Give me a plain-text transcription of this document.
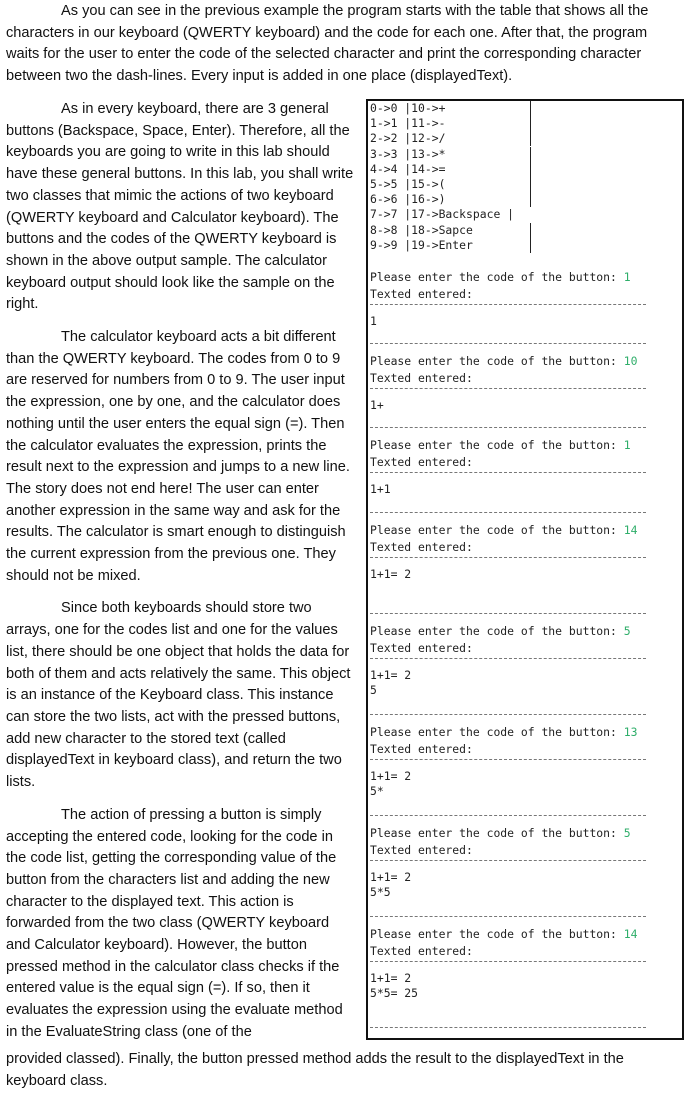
As you can see in the previous example the program starts with the table that shows all the characters in our keyboard (QWERTY keyboard) and the code for each one. After that, the program waits for the user to enter the code of the selected character and print the corresponding character between two the dash-lines. Every input is added in one place (displayedText).

As in every keyboard, there are 3 general buttons (Backspace, Space, Enter). Therefore, all the keyboards you are going to write in this lab should have these general buttons. In this lab, you shall write two classes that mimic the actions of two keyboard (QWERTY keyboard and Calculator keyboard). The buttons and the codes of the QWERTY keyboard is shown in the above output sample. The calculator keyboard output should look like the sample on the right.

The calculator keyboard acts a bit different than the QWERTY keyboard. The codes from 0 to 9 are reserved for numbers from 0 to 9. The user input the expression, one by one, and the calculator does nothing until the user enters the equal sign (=). Then the calculator evaluates the expression, prints the result next to the expression and jumps to a new line. The story does not end here! The user can enter another expression in the same way and ask for the results. The calculator is smart enough to distinguish the current expression from the previous one. They should not be mixed.

Since both keyboards should store two arrays, one for the codes list and one for the values list, there should be one object that holds the data for both of them and acts relatively the same. This object is an instance of the Keyboard class. This instance can store the two lists, act with the pressed buttons, add new character to the stored text (called displayedText in keyboard class), and return the two lists.

The action of pressing a button is simply accepting the entered code, looking for the code in the code list, getting the corresponding value of the button from the characters list and adding the new character to the displayed text. This action is forwarded from the two class (QWERTY keyboard and Calculator keyboard). However, the button pressed method in the calculator class checks if the entered value is the equal sign (=). If so, then it evaluates the expression using the evaluate method in the EvaluateString class (one of the

provided classed). Finally, the button pressed method adds the result to the displayedText in the keyboard class.

0->0 |10->+
1->1 |11->-
2->2 |12->/
3->3 |13->*
4->4 |14->=
5->5 |15->(
6->6 |16->)
7->7 |17->Backspace |
8->8 |18->Sapce
9->9 |19->Enter
Please enter the code of the button: 1
Texted entered:
1
Please enter the code of the button: 10
Texted entered:
1+
Please enter the code of the button: 1
Texted entered:
1+1
Please enter the code of the button: 14
Texted entered:
1+1= 2
Please enter the code of the button: 5
Texted entered:
1+1= 2
5
Please enter the code of the button: 13
Texted entered:
1+1= 2
5*
Please enter the code of the button: 5
Texted entered:
1+1= 2
5*5
Please enter the code of the button: 14
Texted entered:
1+1= 2
5*5= 25
